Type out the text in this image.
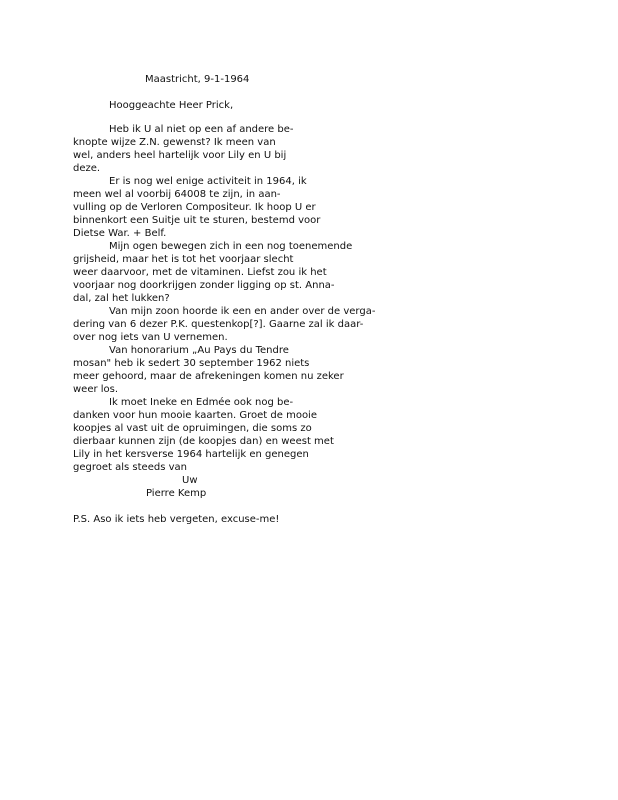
Maastricht, 9-1-1964

Hooggeachte Heer Prick,

Heb ik U al niet op een af andere be-

knopte wijze Z.N. gewenst? Ik meen van

wel, anders heel hartelijk voor Lily en U bij

deze.

Er is nog wel enige activiteit in 1964, ik

meen wel al voorbij 64008 te zijn, in aan-

vulling op de Verloren Compositeur. Ik hoop U er

binnenkort een Suitje uit te sturen, bestemd voor

Dietse War. + Belf.

Mijn ogen bewegen zich in een nog toenemende

grijsheid, maar het is tot het voorjaar slecht

weer daarvoor, met de vitaminen. Liefst zou ik het

voorjaar nog doorkrijgen zonder ligging op st. Anna-

dal, zal het lukken?

Van mijn zoon hoorde ik een en ander over de verga-

dering van 6 dezer P.K. questenkop[?]. Gaarne zal ik daar-

over nog iets van U vernemen.

Van honorarium „Au Pays du Tendre

mosan" heb ik sedert 30 september 1962 niets

meer gehoord, maar de afrekeningen komen nu zeker

weer los.

Ik moet Ineke en Edmée ook nog be-

danken voor hun mooie kaarten. Groet de mooie

koopjes al vast uit de opruimingen, die soms zo

dierbaar kunnen zijn (de koopjes dan) en weest met

Lily in het kersverse 1964 hartelijk en genegen

gegroet als steeds van

Uw

Pierre Kemp

P.S. Aso ik iets heb vergeten, excuse-me!
